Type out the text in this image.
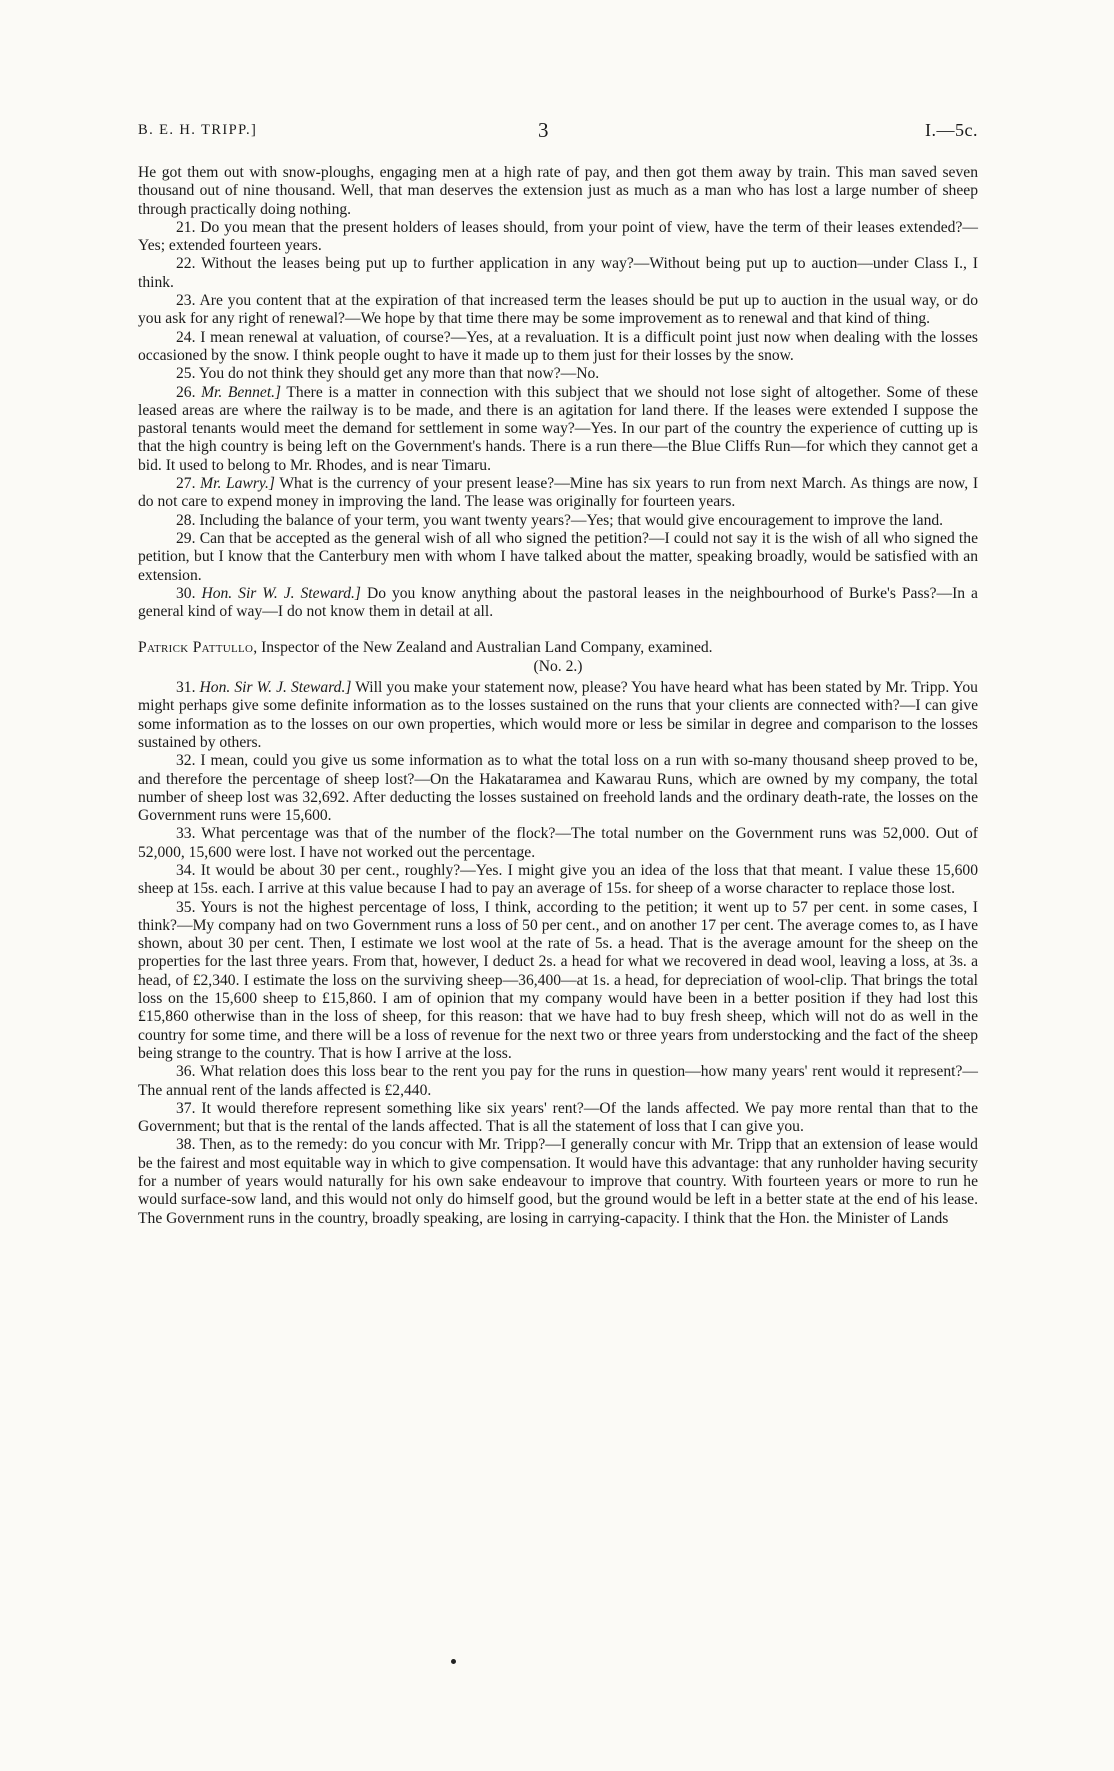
B. E. H. TRIPP.]	3	I.—5c.

He got them out with snow-ploughs, engaging men at a high rate of pay, and then got them away by train. This man saved seven thousand out of nine thousand. Well, that man deserves the extension just as much as a man who has lost a large number of sheep through practically doing nothing.

21. Do you mean that the present holders of leases should, from your point of view, have the term of their leases extended?—Yes; extended fourteen years.

22. Without the leases being put up to further application in any way?—Without being put up to auction—under Class I., I think.

23. Are you content that at the expiration of that increased term the leases should be put up to auction in the usual way, or do you ask for any right of renewal?—We hope by that time there may be some improvement as to renewal and that kind of thing.

24. I mean renewal at valuation, of course?—Yes, at a revaluation. It is a difficult point just now when dealing with the losses occasioned by the snow. I think people ought to have it made up to them just for their losses by the snow.

25. You do not think they should get any more than that now?—No.

26. Mr. Bennet.] There is a matter in connection with this subject that we should not lose sight of altogether. Some of these leased areas are where the railway is to be made, and there is an agitation for land there. If the leases were extended I suppose the pastoral tenants would meet the demand for settlement in some way?—Yes. In our part of the country the experience of cutting up is that the high country is being left on the Government's hands. There is a run there—the Blue Cliffs Run—for which they cannot get a bid. It used to belong to Mr. Rhodes, and is near Timaru.

27. Mr. Lawry.] What is the currency of your present lease?—Mine has six years to run from next March. As things are now, I do not care to expend money in improving the land. The lease was originally for fourteen years.

28. Including the balance of your term, you want twenty years?—Yes; that would give encouragement to improve the land.

29. Can that be accepted as the general wish of all who signed the petition?—I could not say it is the wish of all who signed the petition, but I know that the Canterbury men with whom I have talked about the matter, speaking broadly, would be satisfied with an extension.

30. Hon. Sir W. J. Steward.] Do you know anything about the pastoral leases in the neighbourhood of Burke's Pass?—In a general kind of way—I do not know them in detail at all.

Patrick Pattullo, Inspector of the New Zealand and Australian Land Company, examined.

(No. 2.)

31. Hon. Sir W. J. Steward.] Will you make your statement now, please? You have heard what has been stated by Mr. Tripp. You might perhaps give some definite information as to the losses sustained on the runs that your clients are connected with?—I can give some information as to the losses on our own properties, which would more or less be similar in degree and comparison to the losses sustained by others.

32. I mean, could you give us some information as to what the total loss on a run with so-many thousand sheep proved to be, and therefore the percentage of sheep lost?—On the Hakataramea and Kawarau Runs, which are owned by my company, the total number of sheep lost was 32,692. After deducting the losses sustained on freehold lands and the ordinary death-rate, the losses on the Government runs were 15,600.

33. What percentage was that of the number of the flock?—The total number on the Government runs was 52,000. Out of 52,000, 15,600 were lost. I have not worked out the percentage.

34. It would be about 30 per cent., roughly?—Yes. I might give you an idea of the loss that that meant. I value these 15,600 sheep at 15s. each. I arrive at this value because I had to pay an average of 15s. for sheep of a worse character to replace those lost.

35. Yours is not the highest percentage of loss, I think, according to the petition; it went up to 57 per cent. in some cases, I think?—My company had on two Government runs a loss of 50 per cent., and on another 17 per cent. The average comes to, as I have shown, about 30 per cent. Then, I estimate we lost wool at the rate of 5s. a head. That is the average amount for the sheep on the properties for the last three years. From that, however, I deduct 2s. a head for what we recovered in dead wool, leaving a loss, at 3s. a head, of £2,340. I estimate the loss on the surviving sheep—36,400—at 1s. a head, for depreciation of wool-clip. That brings the total loss on the 15,600 sheep to £15,860. I am of opinion that my company would have been in a better position if they had lost this £15,860 otherwise than in the loss of sheep, for this reason: that we have had to buy fresh sheep, which will not do as well in the country for some time, and there will be a loss of revenue for the next two or three years from understocking and the fact of the sheep being strange to the country. That is how I arrive at the loss.

36. What relation does this loss bear to the rent you pay for the runs in question—how many years' rent would it represent?—The annual rent of the lands affected is £2,440.

37. It would therefore represent something like six years' rent?—Of the lands affected. We pay more rental than that to the Government; but that is the rental of the lands affected. That is all the statement of loss that I can give you.

38. Then, as to the remedy: do you concur with Mr. Tripp?—I generally concur with Mr. Tripp that an extension of lease would be the fairest and most equitable way in which to give compensation. It would have this advantage: that any runholder having security for a number of years would naturally for his own sake endeavour to improve that country. With fourteen years or more to run he would surface-sow land, and this would not only do himself good, but the ground would be left in a better state at the end of his lease. The Government runs in the country, broadly speaking, are losing in carrying-capacity. I think that the Hon. the Minister of Lands
